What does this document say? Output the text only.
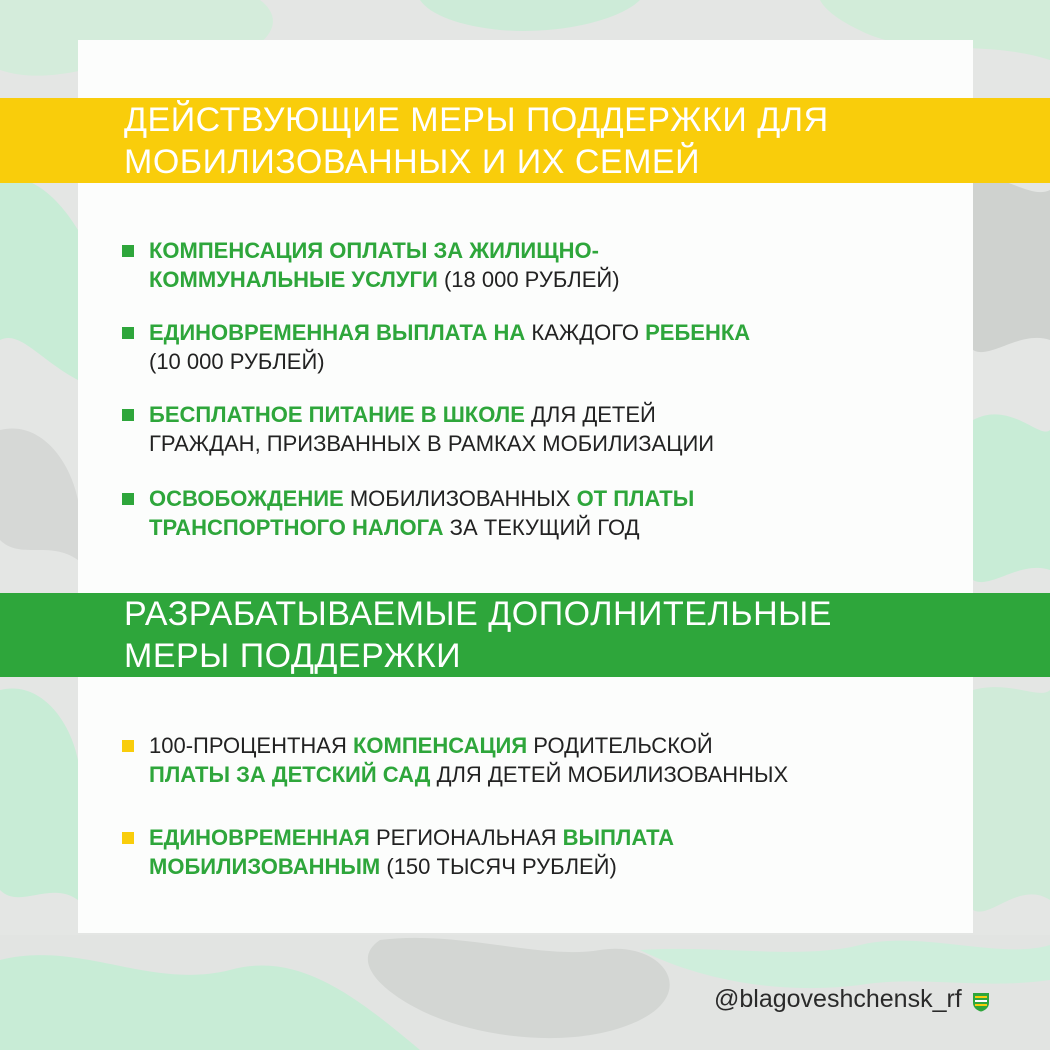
ДЕЙСТВУЮЩИЕ МЕРЫ ПОДДЕРЖКИ ДЛЯ
МОБИЛИЗОВАННЫХ И ИХ СЕМЕЙ
КОМПЕНСАЦИЯ ОПЛАТЫ ЗА ЖИЛИЩНО-
КОММУНАЛЬНЫЕ УСЛУГИ (18 000 РУБЛЕЙ)
ЕДИНОВРЕМЕННАЯ ВЫПЛАТА НА КАЖДОГО РЕБЕНКА
(10 000 РУБЛЕЙ)
БЕСПЛАТНОЕ ПИТАНИЕ В ШКОЛЕ ДЛЯ ДЕТЕЙ
ГРАЖДАН, ПРИЗВАННЫХ В РАМКАХ МОБИЛИЗАЦИИ
ОСВОБОЖДЕНИЕ МОБИЛИЗОВАННЫХ ОТ ПЛАТЫ
ТРАНСПОРТНОГО НАЛОГА ЗА ТЕКУЩИЙ ГОД
РАЗРАБАТЫВАЕМЫЕ ДОПОЛНИТЕЛЬНЫЕ
МЕРЫ ПОДДЕРЖКИ
100-ПРОЦЕНТНАЯ КОМПЕНСАЦИЯ РОДИТЕЛЬСКОЙ
ПЛАТЫ ЗА ДЕТСКИЙ САД ДЛЯ ДЕТЕЙ МОБИЛИЗОВАННЫХ
ЕДИНОВРЕМЕННАЯ РЕГИОНАЛЬНАЯ ВЫПЛАТА
МОБИЛИЗОВАННЫМ (150 ТЫСЯЧ РУБЛЕЙ)
@blagoveshchensk_rf
